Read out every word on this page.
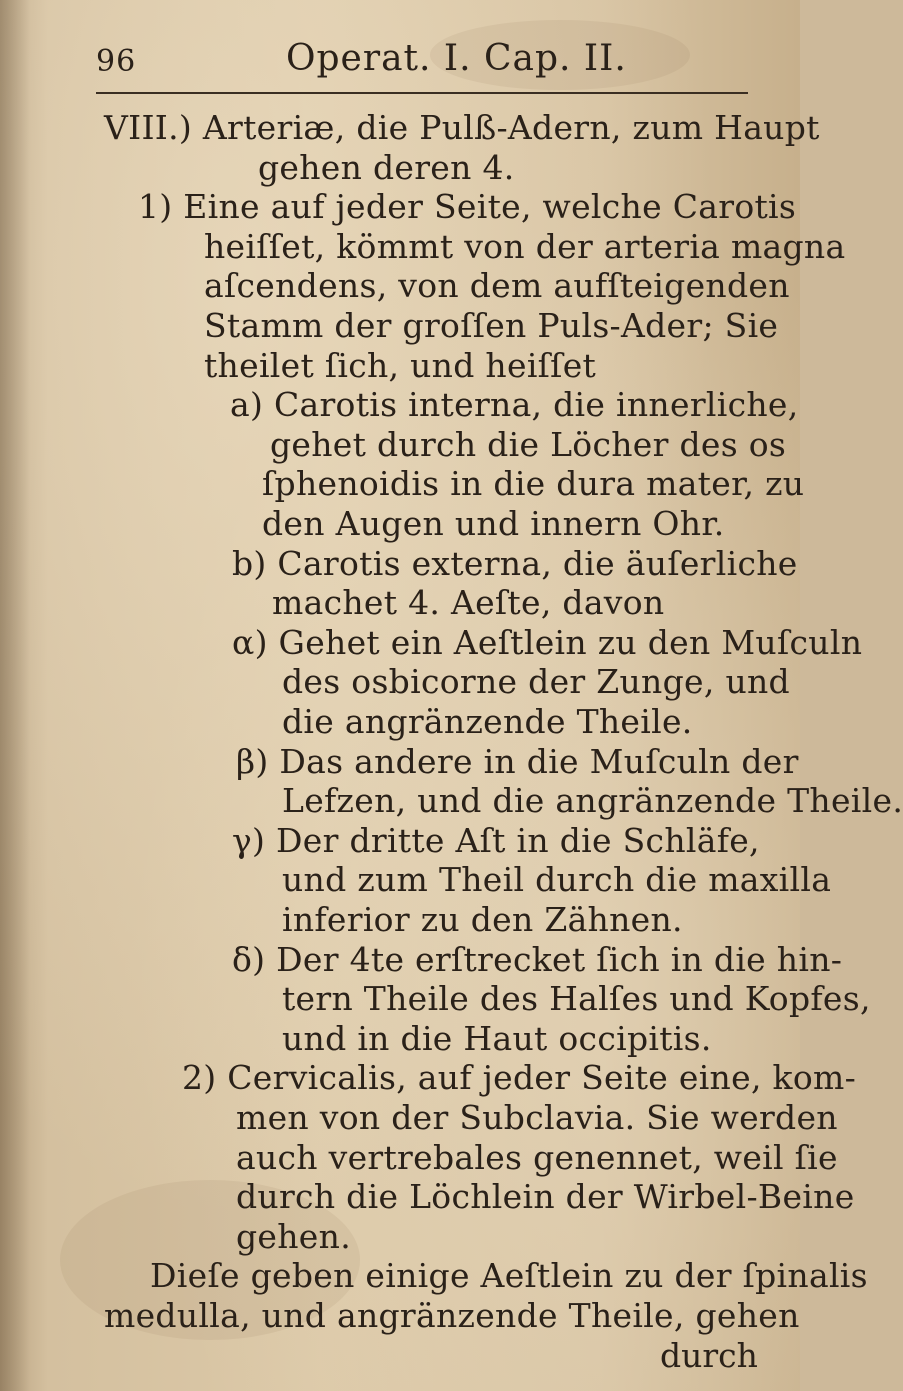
96	Operat. I. Cap. II.
VIII.) Arteriæ, die Pulß-Adern, zum Haupt
gehen deren 4.
1) Eine auf jeder Seite, welche Carotis
heiſſet, kömmt von der arteria magna
aſcendens, von dem aufſteigenden
Stamm der groſſen Puls-Ader; Sie
theilet ſich, und heiſſet
a) Carotis interna, die innerliche,
gehet durch die Löcher des os
ſphenoidis in die dura mater, zu
den Augen und innern Ohr.
b) Carotis externa, die äuſerliche
machet 4. Aeſte, davon
α) Gehet ein Aeſtlein zu den Muſculn
des osbicorne der Zunge, und
die angränzende Theile.
β) Das andere in die Muſculn der
Lefzen, und die angränzende Theile.
γ) Der dritte Aſt in die Schläfe,
und zum Theil durch die maxilla
inferior zu den Zähnen.
δ) Der 4te erſtrecket ſich in die hin-
tern Theile des Halſes und Kopfes,
und in die Haut occipitis.
2) Cervicalis, auf jeder Seite eine, kom-
men von der Subclavia. Sie werden
auch vertrebales genennet, weil ſie
durch die Löchlein der Wirbel-Beine
gehen.
Dieſe geben einige Aeſtlein zu der ſpinalis
medulla, und angränzende Theile, gehen
durch
